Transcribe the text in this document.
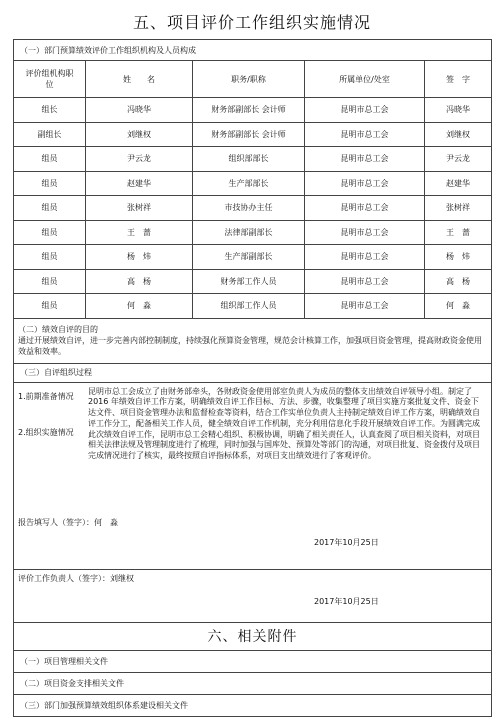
五、项目评价工作组织实施情况
（一）部门预算绩效评价工作组织机构及人员构成				
评价组机构职位	姓　　名	职务/职称	所属单位/处室	签　字
组长	冯晓华	财务部副部长 会计师	昆明市总工会	冯晓华
副组长	刘继权	财务部副部长 会计师	昆明市总工会	刘继权
组员	尹云龙	组织部部长	昆明市总工会	尹云龙
组员	赵建华	生产部部长	昆明市总工会	赵建华
组员	张树祥	市技协办主任	昆明市总工会	张树祥
组员	王　蔷	法律部副部长	昆明市总工会	王　蔷
组员	杨　炜	生产部副部长	昆明市总工会	杨　炜
组员	高　杨	财务部工作人员	昆明市总工会	高　杨
组员	何　淼	组织部工作人员	昆明市总工会	何　淼

（二）绩效自评的目的
通过开展绩效自评，进一步完善内部控制制度，持续强化预算资金管理，规范会计核算工作，加强项目资金管理，提高财政资金使用效益和效率。				

（三）自评组织过程				

1.前期准备情况
2.组织实施情况
昆明市总工会成立了由财务部牵头，各财政资金使用部室负责人为成员的整体支出绩效自评领导小组。制定了 2016 年绩效自评工作方案，明确绩效自评工作目标、方法、步骤，收集整理了项目实施方案批复文件、资金下达文件、项目资金管理办法和监督检查等资料，结合工作实单位负责人主持制定绩效自评工作方案，明确绩效自评工作分工，配备相关工作人员，健全绩效自评工作机制，充分利用信息化手段开展绩效自评工作。为圆满完成此次绩效自评工作，昆明市总工会精心组织、积极协调，明确了相关责任人，认真查阅了项目相关资料，对项目相关法律法规及管理制度进行了梳理，同时加强与国库处、预算处等部门的沟通，对项目批复、资金拨付及项目完成情况进行了核实，最终按照自评指标体系，对项目支出绩效进行了客观评价。				

报告填写人（签字）：何　淼
2017年10月25日				

评价工作负责人（签字）：刘继权
2017年10月25日				

六、相关附件				
（一）项目管理相关文件				
（二）项目资金支排相关文件				
（三）部门加强预算绩效组织体系建设相关文件				
